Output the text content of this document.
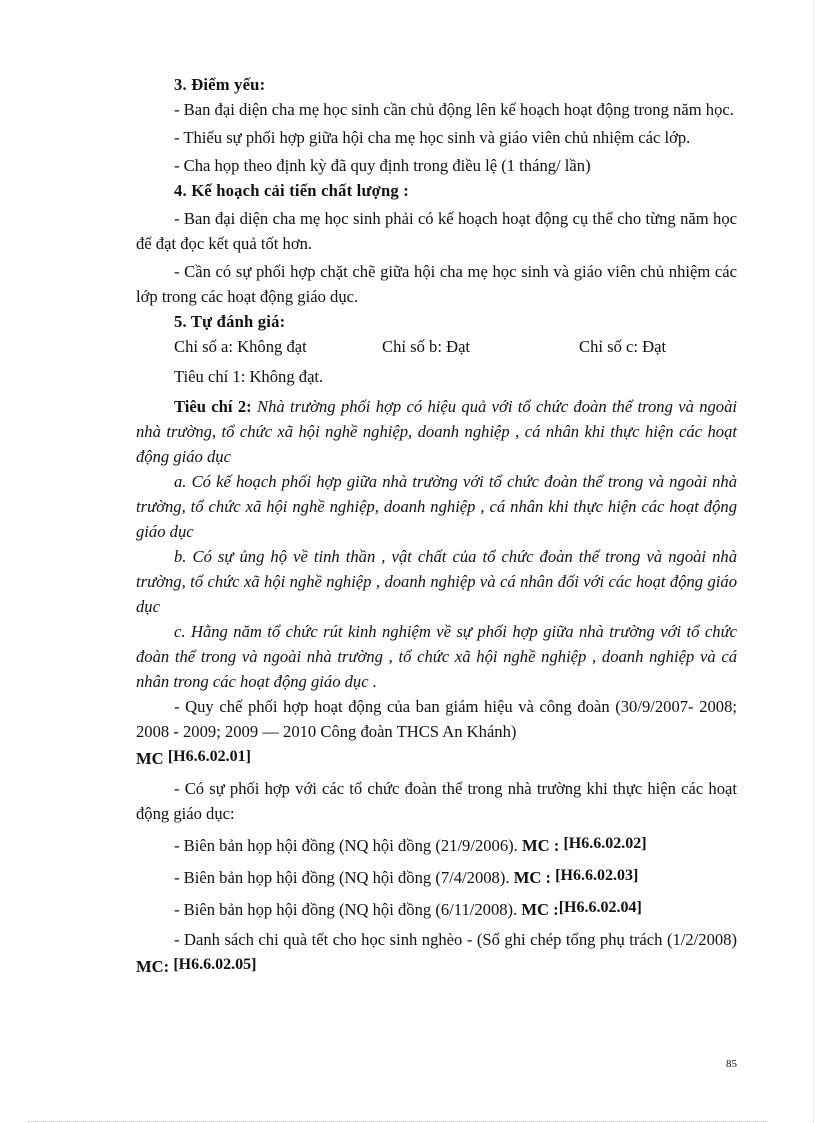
3. Điểm yếu:

- Ban đại diện cha mẹ học sinh cần chủ động lên kế hoạch hoạt động trong năm học.

- Thiếu sự phối hợp giữa hội cha mẹ học sinh và giáo viên chủ nhiệm các lớp.

- Cha họp theo định kỳ đã quy định trong điều lệ (1 tháng/ lần)

4. Kế hoạch cải tiến chất lượng :

- Ban đại diện cha mẹ học sinh phải có kế hoạch hoạt động cụ thể cho từng năm học để đạt đọc kết quả tốt hơn.

- Cần có sự phối hợp chặt chẽ giữa hội cha mẹ học sinh và giáo viên chủ nhiệm các lớp trong các hoạt động giáo dục.

5. Tự đánh giá:
Chỉ số a: Không đạt	Chỉ số b: Đạt	Chỉ số c: Đạt

Tiêu chí 1: Không đạt.

Tiêu chí 2: Nhà trường phối hợp có hiệu quả với tổ chức đoàn thể trong và ngoài nhà trường, tổ chức xã hội nghề nghiệp, doanh nghiệp , cá nhân khi thực hiện các hoạt động giáo dục

a. Có kế hoạch phối hợp giữa nhà trường với tổ chức đoàn thể trong và ngoài nhà trường, tổ chức xã hội nghề nghiệp, doanh nghiệp , cá nhân khi thực hiện các hoạt động giáo dục

b. Có sự ủng hộ về tinh thần , vật chất của tổ chức đoàn thể trong và ngoài nhà trường, tổ chức xã hội nghề nghiệp , doanh nghiệp và cá nhân đối với các hoạt động giáo dục

c. Hằng năm tổ chức rút kinh nghiệm về sự phối hợp giữa nhà trường với tổ chức đoàn thể trong và ngoài nhà trường , tổ chức xã hội nghề nghiệp , doanh nghiệp và cá nhân trong các hoạt động giáo dục .

- Quy chế phối hợp hoạt động của ban giám hiệu và công đoàn (30/9/2007- 2008; 2008 - 2009; 2009 — 2010 Công đoàn THCS An Khánh)
MC [H6.6.02.01]

- Có sự phối hợp với các tổ chức đoàn thể trong nhà trường khi thực hiện các hoạt động giáo dục:

- Biên bản họp hội đồng (NQ hội đồng (21/9/2006). MC : [H6.6.02.02]

- Biên bản họp hội đồng (NQ hội đồng (7/4/2008). MC : [H6.6.02.03]

- Biên bản họp hội đồng (NQ hội đồng (6/11/2008). MC :[H6.6.02.04]

- Danh sách chi quà tết cho học sinh nghèo - (Sổ ghi chép tổng phụ trách (1/2/2008) MC: [H6.6.02.05]

85
